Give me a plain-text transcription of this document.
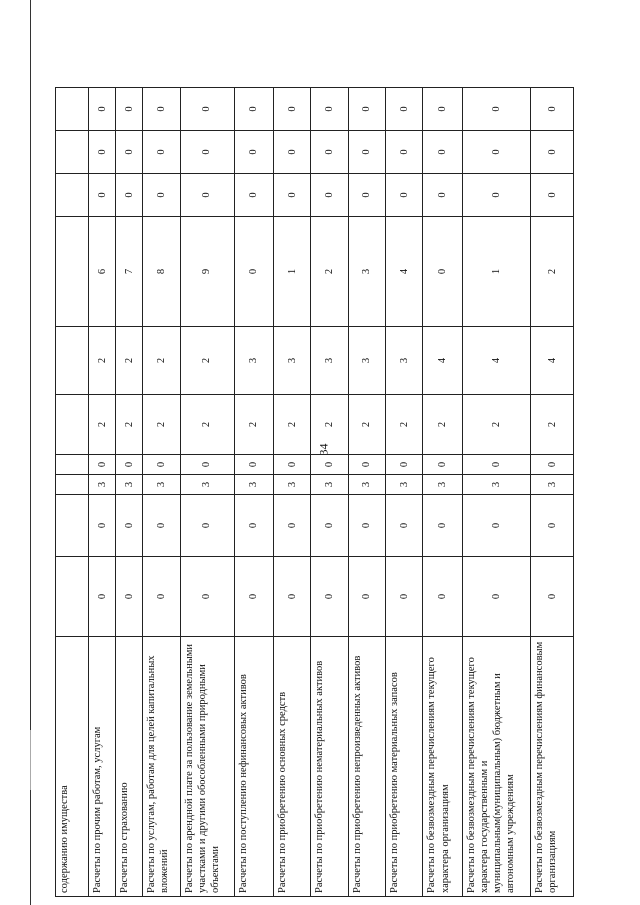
34
содержанию имущества										
Расчеты по прочим работам, услугам	0	0	3	0	2	2	6	0	0	0
Расчеты по страхованию	0	0	3	0	2	2	7	0	0	0
Расчеты по услугам, работам для целей капитальных вложений	0	0	3	0	2	2	8	0	0	0
Расчеты по арендной плате за пользование земельными участками и другими обособленными природными объектами	0	0	3	0	2	2	9	0	0	0
Расчеты по поступлению нефинансовых активов	0	0	3	0	2	3	0	0	0	0
Расчеты по приобретению основных средств	0	0	3	0	2	3	1	0	0	0
Расчеты по приобретению нематериальных активов	0	0	3	0	2	3	2	0	0	0
Расчеты по приобретению непроизведенных активов	0	0	3	0	2	3	3	0	0	0
Расчеты по приобретению материальных запасов	0	0	3	0	2	3	4	0	0	0
Расчеты по безвозмездным перечислениям текущего характера организациям	0	0	3	0	2	4	0	0	0	0
Расчеты по безвозмездным перечислениям текущего характера государственным и муниципальным(муниципальным) бюджетным и автономным учреждениям	0	0	3	0	2	4	1	0	0	0
Расчеты по безвозмездным перечислениям финансовым организациям	0	0	3	0	2	4	2	0	0	0
